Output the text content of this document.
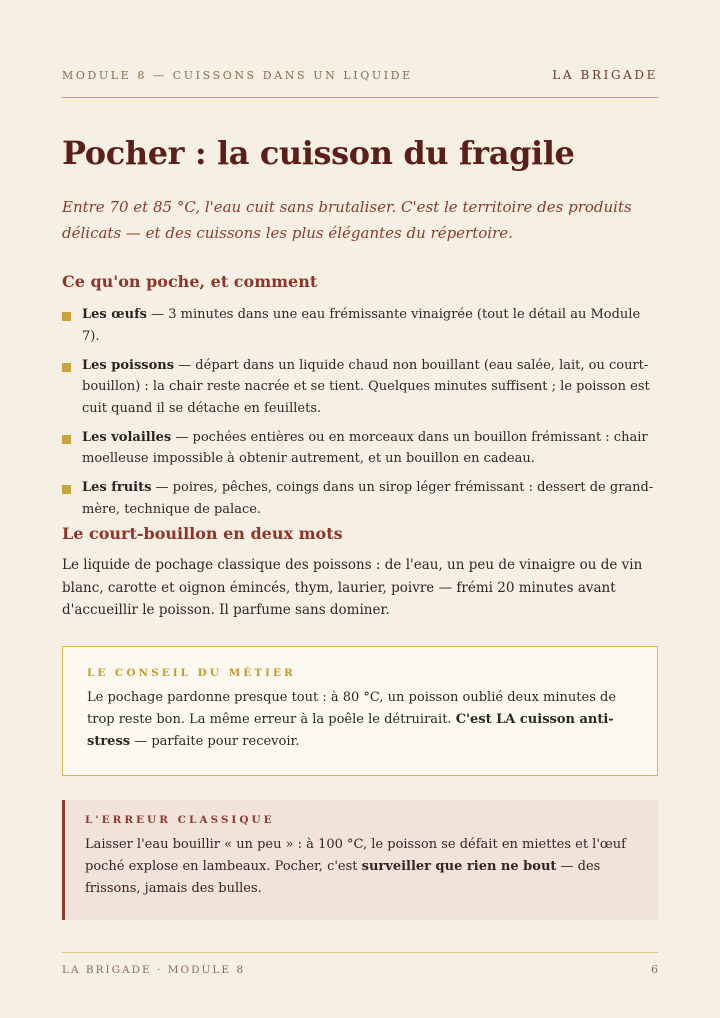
MODULE 8 — CUISSONS DANS UN LIQUIDE	LA BRIGADE
Pocher : la cuisson du fragile

Entre 70 et 85 °C, l'eau cuit sans brutaliser. C'est le territoire des produits délicats — et des cuissons les plus élégantes du répertoire.

Ce qu'on poche, et comment
Les œufs — 3 minutes dans une eau frémissante vinaigrée (tout le détail au Module 7).
Les poissons — départ dans un liquide chaud non bouillant (eau salée, lait, ou court-bouillon) : la chair reste nacrée et se tient. Quelques minutes suffisent ; le poisson est cuit quand il se détache en feuillets.
Les volailles — pochées entières ou en morceaux dans un bouillon frémissant : chair moelleuse impossible à obtenir autrement, et un bouillon en cadeau.
Les fruits — poires, pêches, coings dans un sirop léger frémissant : dessert de grand-mère, technique de palace.
Le court-bouillon en deux mots

Le liquide de pochage classique des poissons : de l'eau, un peu de vinaigre ou de vin blanc, carotte et oignon émincés, thym, laurier, poivre — frémi 20 minutes avant d'accueillir le poisson. Il parfume sans dominer.

LE CONSEIL DU MÉTIER

Le pochage pardonne presque tout : à 80 °C, un poisson oublié deux minutes de trop reste bon. La même erreur à la poêle le détruirait. C'est LA cuisson anti-stress — parfaite pour recevoir.

L'ERREUR CLASSIQUE

Laisser l'eau bouillir « un peu » : à 100 °C, le poisson se défait en miettes et l'œuf poché explose en lambeaux. Pocher, c'est surveiller que rien ne bout — des frissons, jamais des bulles.

LA BRIGADE · MODULE 8	6
